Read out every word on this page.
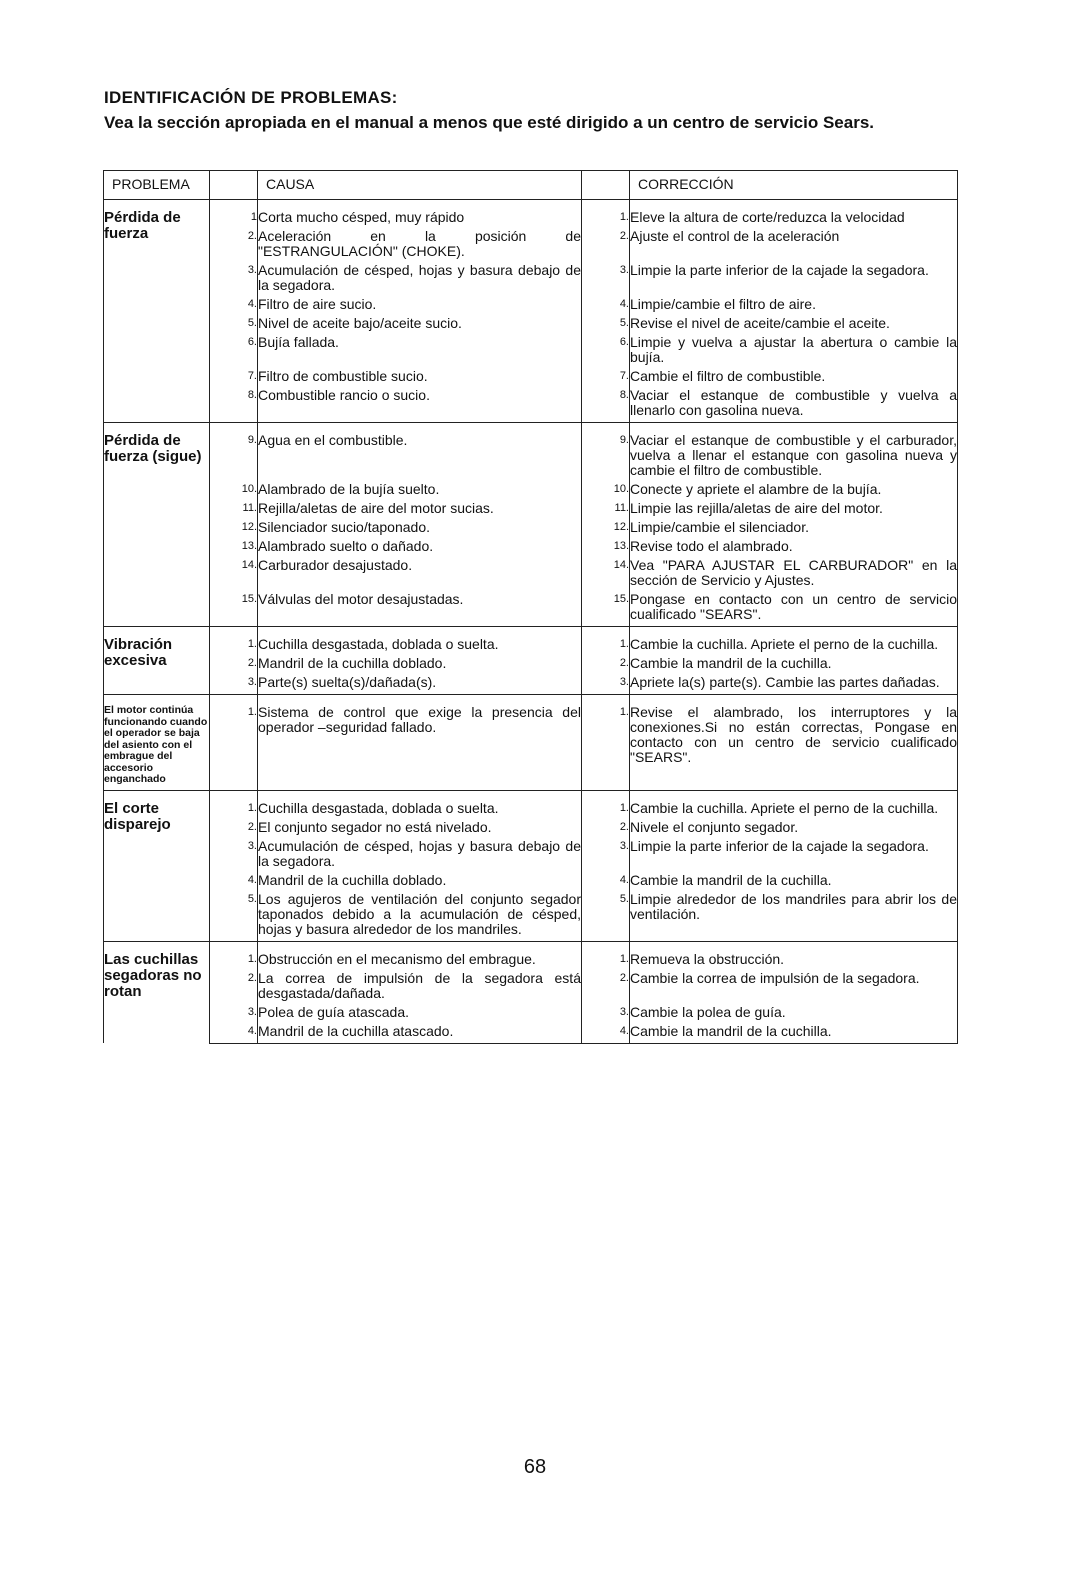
IDENTIFICACIÓN DE PROBLEMAS:
Vea la sección apropiada en el manual a menos que esté dirigido a un centro de servicio Sears.
PROBLEMA		CAUSA		CORRECCIÓN
Pérdida de fuerza	1	Corta mucho césped, muy rápido	1.	Eleve la altura de corte/reduzca la velocidad
	2.	Aceleración en la posición de "ESTRANGULACIÓN" (CHOKE).	2.	Ajuste el control de la aceleración
	3.	Acumulación de césped, hojas y basura debajo de la segadora.	3.	Limpie la parte inferior de la cajade la segadora.
	4.	Filtro de aire sucio.	4.	Limpie/cambie el filtro de aire.
	5.	Nivel de aceite bajo/aceite sucio.	5.	Revise el nivel de aceite/cambie el aceite.
	6.	Bujía fallada.	6.	Limpie y vuelva a ajustar la abertura o cambie la bujía.
	7.	Filtro de combustible sucio.	7.	Cambie el filtro de combustible.
	8.	Combustible rancio o sucio.	8.	Vaciar el estanque de combustible y vuelva a llenarlo con gasolina nueva.
Pérdida de fuerza (sigue)	9.	Agua en el combustible.	9.	Vaciar el estanque de combustible y el carburador, vuelva a llenar el estanque con gasolina nueva y cambie el filtro de combustible.
	10.	Alambrado de la bujía suelto.	10.	Conecte y apriete el alambre de la bujía.
	11.	Rejilla/aletas de aire del motor sucias.	11.	Limpie las rejilla/aletas de aire del motor.
	12.	Silenciador sucio/taponado.	12.	Limpie/cambie el silenciador.
	13.	Alambrado suelto o dañado.	13.	Revise todo el alambrado.
	14.	Carburador desajustado.	14.	Vea "PARA AJUSTAR EL CARBURADOR" en la sección de Servicio y Ajustes.
	15.	Válvulas del motor desajustadas.	15.	Pongase en contacto con un centro de servicio cualificado "SEARS".
Vibración excesiva	1.	Cuchilla desgastada, doblada o suelta.	1.	Cambie la cuchilla. Apriete el perno de la cuchilla.
	2.	Mandril de la cuchilla doblado.	2.	Cambie la mandril de la cuchilla.
	3.	Parte(s) suelta(s)/dañada(s).	3.	Apriete la(s) parte(s). Cambie las partes dañadas.
El motor continúa funcionando cuando el operador se baja del asiento con el embrague del accesorio enganchado	1.	Sistema de control que exige la presencia del operador –seguridad fallado.	1.	Revise el alambrado, los interruptores y la conexiones.Si no están correctas, Pongase en contacto con un centro de servicio cualificado "SEARS".
El corte disparejo	1.	Cuchilla desgastada, doblada o suelta.	1.	Cambie la cuchilla. Apriete el perno de la cuchilla.
	2.	El conjunto segador no está nivelado.	2.	Nivele el conjunto segador.
	3.	Acumulación de césped, hojas y basura debajo de la segadora.	3.	Limpie la parte inferior de la cajade la segadora.
	4.	Mandril de la cuchilla doblado.	4.	Cambie la mandril de la cuchilla.
	5.	Los agujeros de ventilación del conjunto segador taponados debido a la acumulación de césped, hojas y basura alrededor de los mandriles.	5.	Limpie alrededor de los mandriles para abrir los de ventilación.
Las cuchillas segadoras no rotan	1.	Obstrucción en el mecanismo del embrague.	1.	Remueva la obstrucción.
	2.	La correa de impulsión de la segadora está desgastada/dañada.	2.	Cambie la correa de impulsión de la segadora.
	3.	Polea de guía atascada.	3.	Cambie la polea de guía.
	4.	Mandril de la cuchilla atascado.	4.	Cambie la mandril de la cuchilla.
68
